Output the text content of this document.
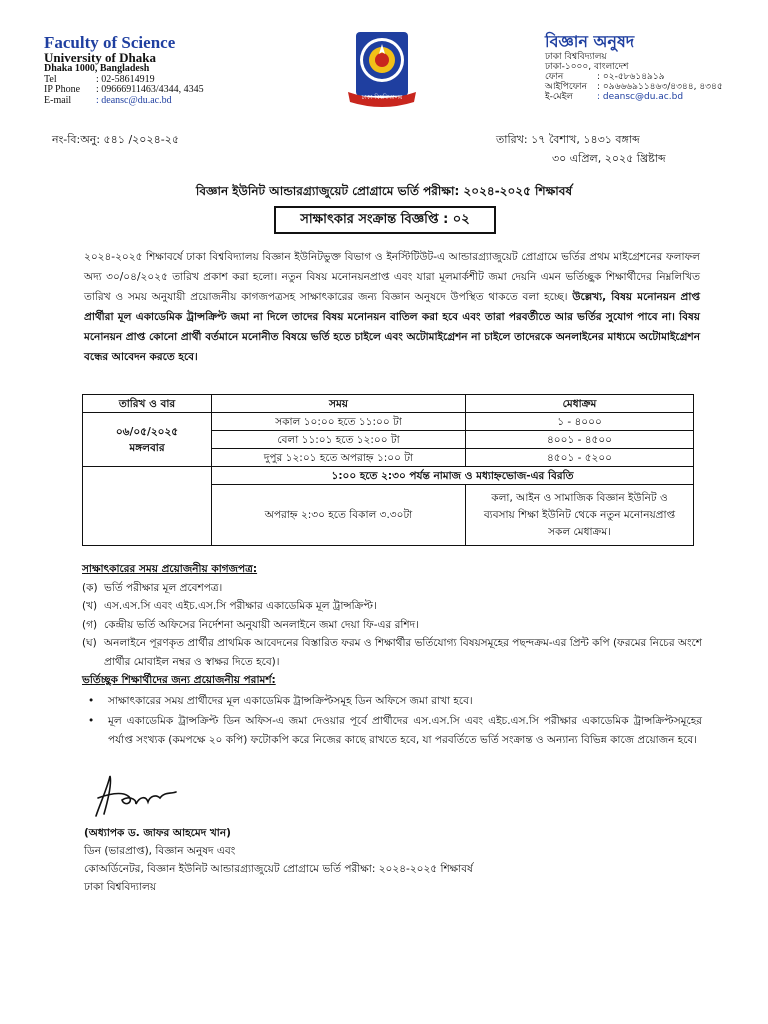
Faculty of Science
University of Dhaka
Dhaka 1000, Bangladesh
Tel	: 02-58614919
IP Phone : 09666911463/4344, 4345
E-mail : deansc@du.ac.bd	ঢাকা বিশ্ববিদ্যালয়
বিজ্ঞান অনুষদ
ঢাকা বিশ্ববিদ্যালয়
ঢাকা-১০০০, বাংলাদেশ
ফোন	: ০২-৫৮৬১৪৯১৯
আইপিফোন : ০৯৬৬৬৯১১৪৬৩/৪৩৪৪, ৪৩৪৫
ই-মেইল	: deansc@du.ac.bd
নং-বি:অনু: ৫৪১ /২০২৪-২৫	তারিখ: ১৭ বৈশাখ, ১৪৩১ বঙ্গাব্দ
৩০ এপ্রিল, ২০২৫ খ্রিষ্টাব্দ
বিজ্ঞান ইউনিট আন্ডারগ্র্যাজুয়েট প্রোগ্রামে ভর্তি পরীক্ষা: ২০২৪-২০২৫ শিক্ষাবর্ষ
সাক্ষাৎকার সংক্রান্ত বিজ্ঞপ্তি : ০২
২০২৪-২০২৫ শিক্ষাবর্ষে ঢাকা বিশ্ববিদ্যালয় বিজ্ঞান ইউনিটভুক্ত বিভাগ ও ইনস্টিটিউট-এ আন্ডারগ্র্যাজুয়েট প্রোগ্রামে ভর্তির প্রথম মাইগ্রেশনের ফলাফল অদ্য ৩০/০৪/২০২৫ তারিখ প্রকাশ করা হলো। নতুন বিষয় মনোনয়নপ্রাপ্ত এবং যারা মূলমার্কশীট জমা দেয়নি এমন ভর্তিচ্ছুক শিক্ষার্থীদের নিম্নলিখিত তারিখ ও সময় অনুযায়ী প্রয়োজনীয় কাগজপত্রসহ সাক্ষাৎকারের জন্য বিজ্ঞান অনুষদে উপস্থিত থাকতে বলা হচ্ছে। উল্লেখ্য, বিষয় মনোনয়ন প্রাপ্ত প্রার্থীরা মূল একাডেমিক ট্রান্সক্রিপ্ট জমা না দিলে তাদের বিষয় মনোনয়ন বাতিল করা হবে এবং তারা পরবর্তীতে আর ভর্তির সুযোগ পাবে না। বিষয় মনোনয়ন প্রাপ্ত কোনো প্রার্থী বর্তমানে মনোনীত বিষয়ে ভর্তি হতে চাইলে এবং অটোমাইগ্রেশন না চাইলে তাদেরকে অনলাইনের মাধ্যমে অটোমাইগ্রেশন বন্ধের আবেদন করতে হবে।
তারিখ ও বার	সময়	মেধাক্রম

০৬/০৫/২০২৫
মঙ্গলবার	সকাল ১০:০০ হতে ১১:০০ টা	১ - ৪০০০
	বেলা ১১:০১ হতে ১২:০০ টা	৪০০১ - ৪৫০০
	দুপুর ১২:০১ হতে অপরাহ্ন ১:০০ টা	৪৫০১ - ৫২০০
	১:০০ হতে ২:৩০ পর্যন্ত নামাজ ও মধ্যাহ্নভোজ-এর বিরতি	
	অপরাহ্ন ২:৩০ হতে বিকাল ৩.৩০টা	কলা, আইন ও সামাজিক বিজ্ঞান ইউনিট ও ব্যবসায় শিক্ষা ইউনিট থেকে নতুন মনোনয়প্রাপ্ত সকল মেধাক্রম।
সাক্ষাৎকারের সময় প্রয়োজনীয় কাগজপত্র:
(ক) ভর্তি পরীক্ষার মূল প্রবেশপত্র।
(খ) এস.এস.সি এবং এইচ.এস.সি পরীক্ষার একাডেমিক মূল ট্রান্সক্রিপ্ট।
(গ) কেন্দ্রীয় ভর্তি অফিসের নির্দেশনা অনুযায়ী অনলাইনে জমা দেয়া ফি-এর রশিদ।
(ঘ) অনলাইনে পূরণকৃত প্রার্থীর প্রাথমিক আবেদনের বিস্তারিত ফরম ও শিক্ষার্থীর ভর্তিযোগ্য বিষয়সমূহের পছন্দক্রম-এর প্রিন্ট কপি (ফরমের নিচের অংশে প্রার্থীর মোবাইল নম্বর ও স্বাক্ষর দিতে হবে)।
ভর্তিচ্ছুক শিক্ষার্থীদের জন্য প্রয়োজনীয় পরামর্শ:
•	সাক্ষাৎকারের সময় প্রার্থীদের মূল একাডেমিক ট্রান্সক্রিপ্টসমূহ ডিন অফিসে জমা রাখা হবে।
•	মূল একাডেমিক ট্রান্সক্রিপ্ট ডিন অফিস-এ জমা দেওয়ার পূর্বে প্রার্থীদের এস.এস.সি এবং এইচ.এস.সি পরীক্ষার একাডেমিক ট্রান্সক্রিপ্টসমূহের পর্যাপ্ত সংখ্যক (কমপক্ষে ২০ কপি) ফটোকপি করে নিজের কাছে রাখতে হবে, যা পরবর্তিতে ভর্তি সংক্রান্ত ও অন্যান্য বিভিন্ন কাজে প্রয়োজন হবে।
(অধ্যাপক ড. জাফর আহমেদ খান)
ডিন (ভারপ্রাপ্ত), বিজ্ঞান অনুষদ এবং
কোঅর্ডিনেটর, বিজ্ঞান ইউনিট আন্ডারগ্র্যাজুয়েট প্রোগ্রামে ভর্তি পরীক্ষা: ২০২৪-২০২৫ শিক্ষাবর্ষ
ঢাকা বিশ্ববিদ্যালয়
